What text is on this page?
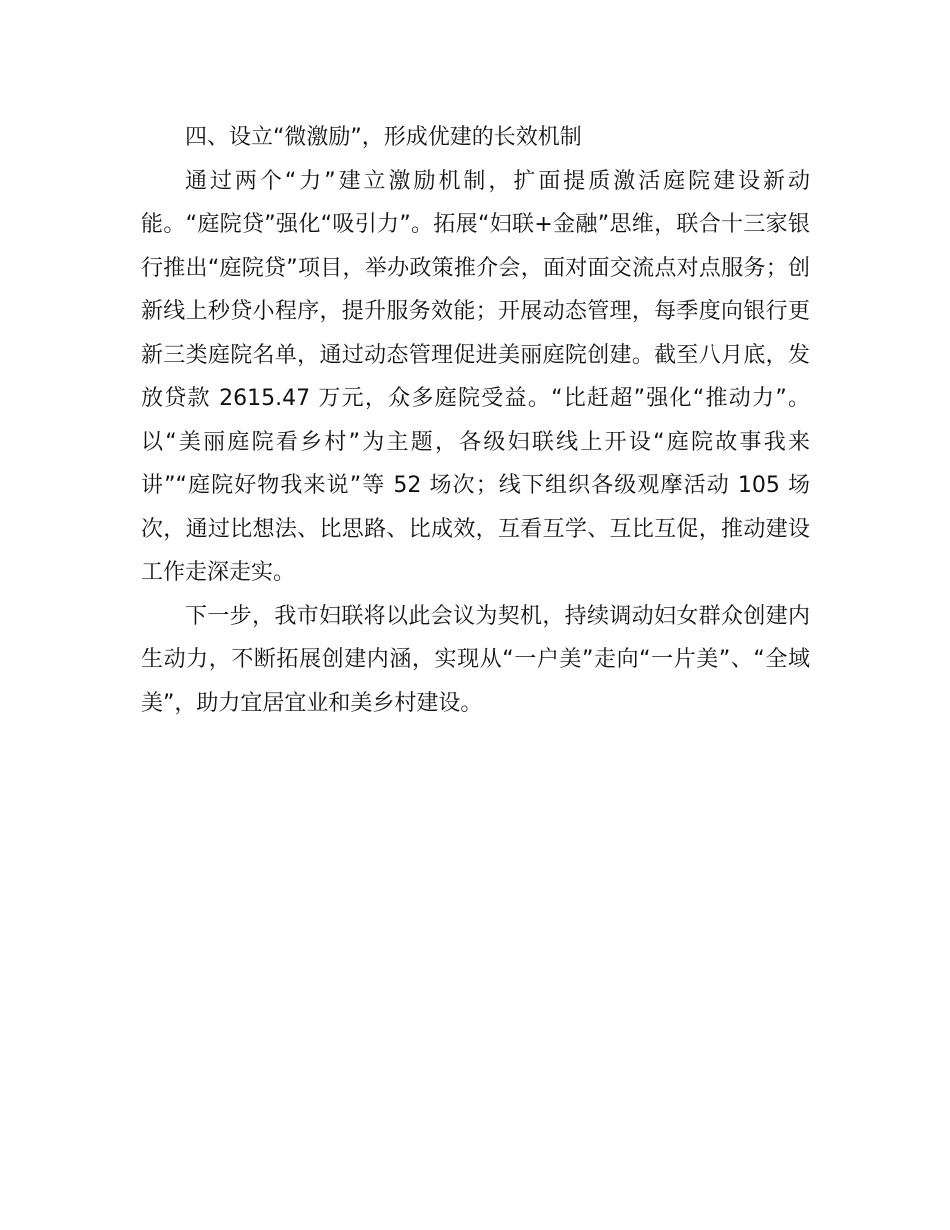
四、设立“微激励”，形成优建的长效机制

通过两个“力”建立激励机制，扩面提质激活庭院建设新动能。“庭院贷”强化“吸引力”。拓展“妇联+金融”思维，联合十三家银行推出“庭院贷”项目，举办政策推介会，面对面交流点对点服务；创新线上秒贷小程序，提升服务效能；开展动态管理，每季度向银行更新三类庭院名单，通过动态管理促进美丽庭院创建。截至八月底，发放贷款 2615.47 万元，众多庭院受益。“比赶超”强化“推动力”。以“美丽庭院看乡村”为主题，各级妇联线上开设“庭院故事我来讲”“庭院好物我来说”等 52 场次；线下组织各级观摩活动 105 场次，通过比想法、比思路、比成效，互看互学、互比互促，推动建设工作走深走实。

下一步，我市妇联将以此会议为契机，持续调动妇女群众创建内生动力，不断拓展创建内涵，实现从“一户美”走向“一片美”、“全域美”，助力宜居宜业和美乡村建设。
